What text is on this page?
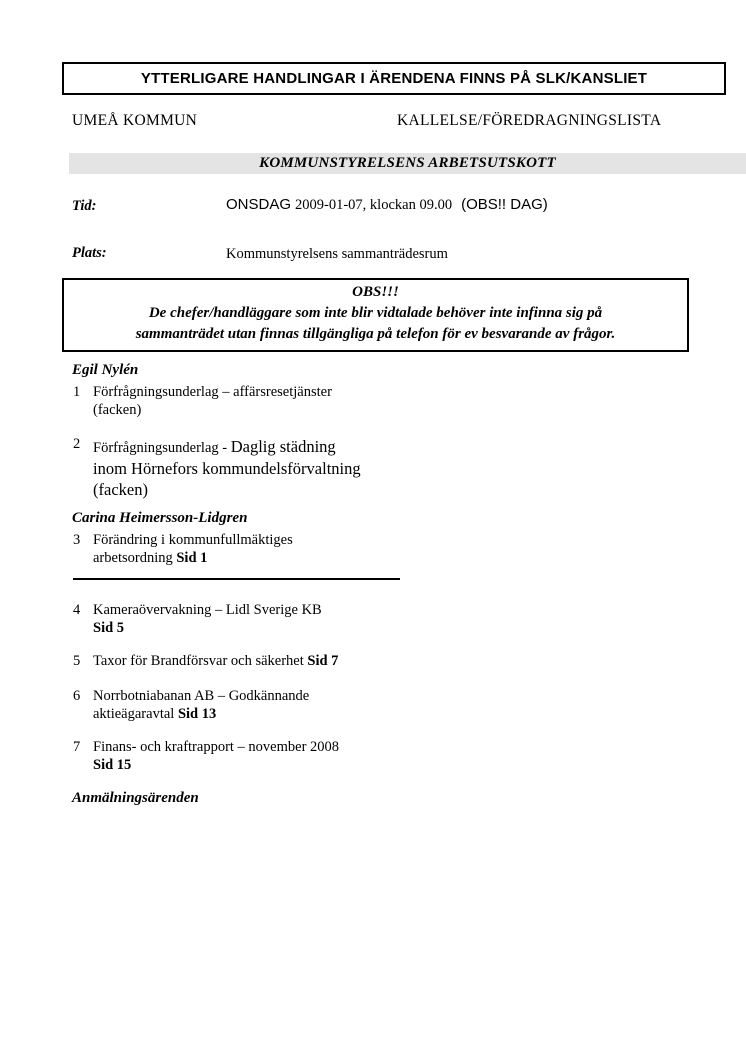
YTTERLIGARE HANDLINGAR I ÄRENDENA FINNS PÅ SLK/KANSLIET
UMEÅ KOMMUN	KALLELSE/FÖREDRAGNINGSLISTA
KOMMUNSTYRELSENS ARBETSUTSKOTT
Tid:	ONSDAG 2009-01-07, klockan 09.00 (OBS!! DAG)
Plats:	Kommunstyrelsens sammanträdesrum
OBS!!!
De chefer/handläggare som inte blir vidtalade behöver inte infinna sig på
sammanträdet utan finnas tillgängliga på telefon för ev besvarande av frågor.
Egil Nylén
1 Förfrågningsunderlag – affärsresetjänster
(facken)
2 Förfrågningsunderlag - Daglig städning
inom Hörnefors kommundelsförvaltning
(facken)
Carina Heimersson-Lidgren
3 Förändring i kommunfullmäktiges
arbetsordning Sid 1
4 Kameraövervakning – Lidl Sverige KB
Sid 5
5 Taxor för Brandförsvar och säkerhet Sid 7
6 Norrbotniabanan AB – Godkännande
aktieägaravtal Sid 13
7 Finans- och kraftrapport – november 2008
Sid 15
Anmälningsärenden
